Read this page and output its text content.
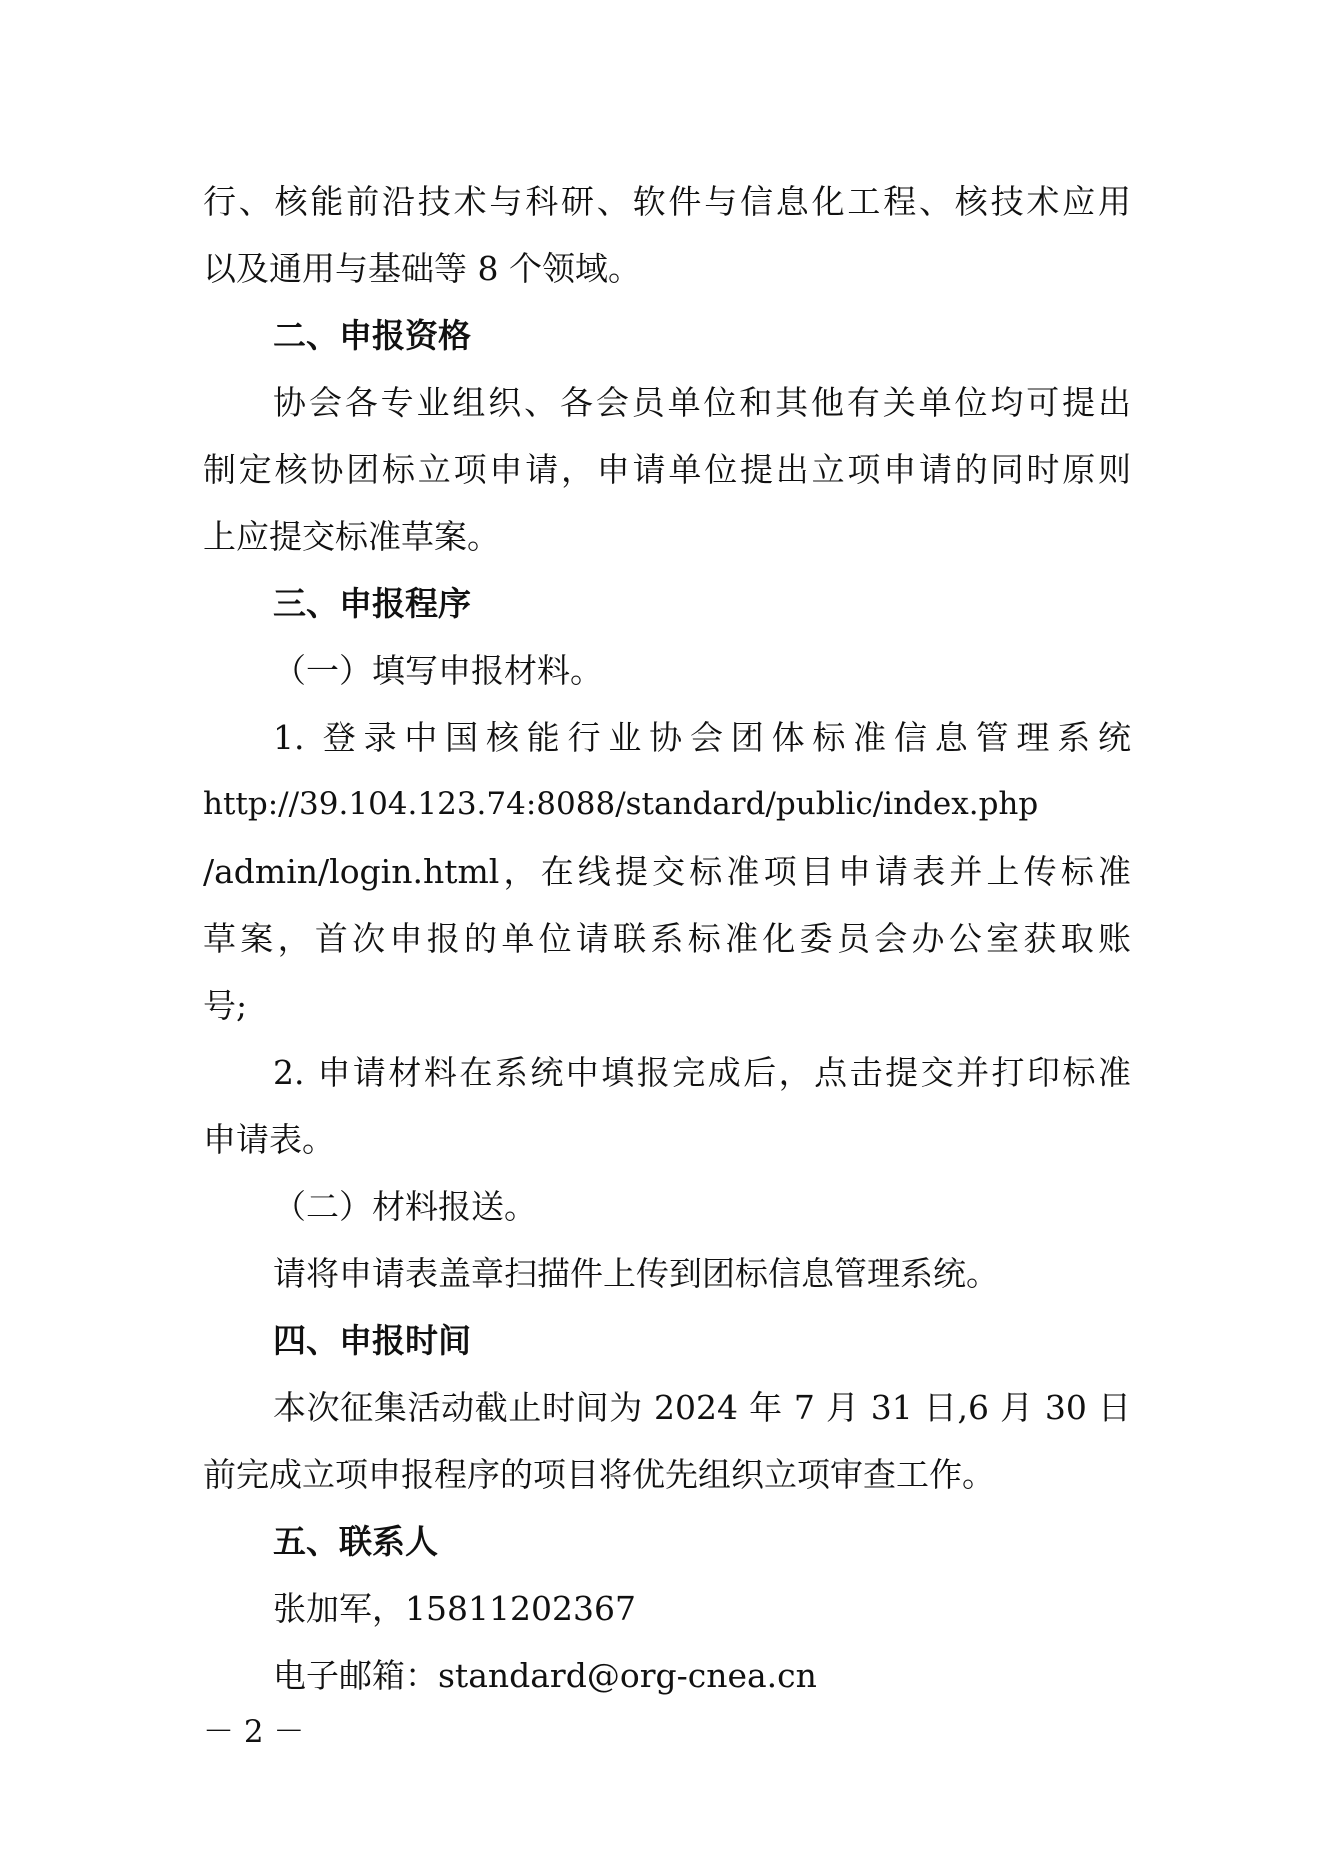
行、核能前沿技术与科研、软件与信息化工程、核技术应用
以及通用与基础等 8 个领域。
二、申报资格
协会各专业组织、各会员单位和其他有关单位均可提出
制定核协团标立项申请，申请单位提出立项申请的同时原则
上应提交标准草案。
三、申报程序
（一）填写申报材料。
1. 登录中国核能行业协会团体标准信息管理系统
http://39.104.123.74:8088/standard/public/index.php
/admin/login.html，在线提交标准项目申请表并上传标准
草案，首次申报的单位请联系标准化委员会办公室获取账
号;
2. 申请材料在系统中填报完成后，点击提交并打印标准
申请表。
（二）材料报送。
请将申请表盖章扫描件上传到团标信息管理系统。
四、申报时间
本次征集活动截止时间为 2024 年 7 月 31 日,6 月 30 日
前完成立项申报程序的项目将优先组织立项审查工作。
五、联系人
张加军，15811202367
电子邮箱：standard@org-cnea.cn
－ 2 －
